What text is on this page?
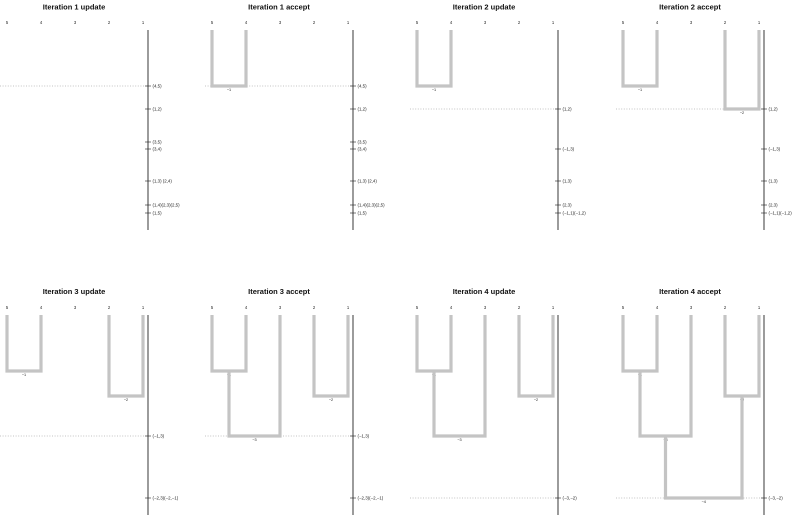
Iteration 1 update
5	4	3	2	1
(4,5)
(1,2)
(3,5)
(3,4)
(1,3) (2,4)
(1,4)(2,3)(2,5)
(1,5)
Iteration 1 accept
5	4	3	2	1
(4,5)
(1,2)
(3,5)
(3,4)
(1,3) (2,4)
(1,4)(2,3)(2,5)
(1,5)
−1
Iteration 2 update
5	4	3	2	1
(1,2)
(−1,3)
(1,3)
(2,3)
(−1,1)(−1,2)
−1
Iteration 2 accept
5	4	3	2	1
(1,2)
(−1,3)
(1,3)
(2,3)
(−1,1)(−1,2)
−1
−2
Iteration 3 update
5	4	3	2	1
(−1,3)
(−2,3)(−2,−1)
−1
−2
Iteration 3 accept
5	4	3	2	1
(−1,3)
(−2,3)(−2,−1)
−1
−2
−3
Iteration 4 update
5	4	3	2	1
(−3,−2)
−1
−2
−3
Iteration 4 accept
5	4	3	2	1
(−3,−2)
−1
−2
−3
−4
